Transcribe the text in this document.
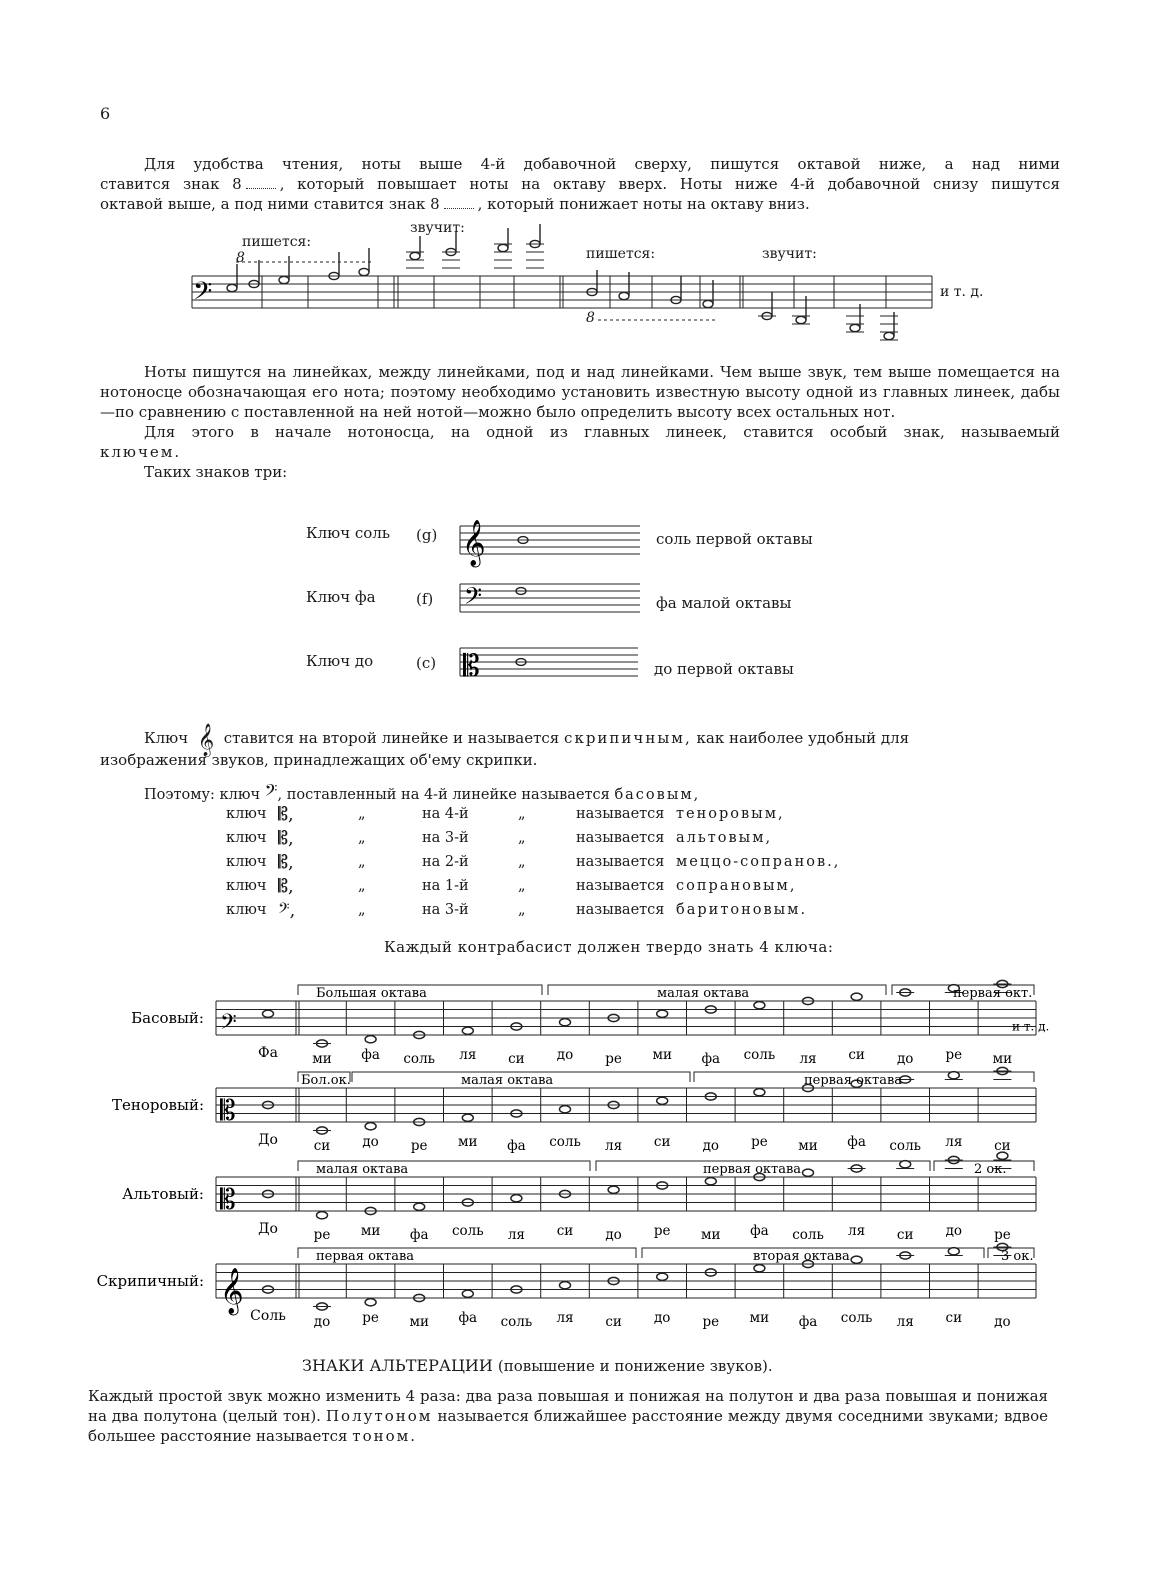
6
Для удобства чтения, ноты выше 4-й добавочной сверху, пишутся октавой ниже, а над ними
ставится знак 8	, который повышает ноты на октаву вверх. Ноты ниже 4-й добавочной снизу пишутся
октавой выше, а под ними ставится знак 8	, который понижает ноты на октаву вниз.
𝄢
пишется:
8
звучит:
пишется:	звучит:
8
и т. д.
Ноты пишутся на линейках, между линейками, под и над линейками. Чем выше звук, тем выше помещается на нотоносце обозначающая его нота; поэтому необходимо установить известную высоту одной из главных линеек, дабы—по сравнению с поставленной на ней нотой—можно было определить высоту всех остальных нот.
Для этого в начале нотоносца, на одной из главных линеек, ставится особый знак, называемый
ключем.
Таких знаков три:
Ключ соль (g)	соль первой октавы
Ключ фа	(f)	фа малой октавы
Ключ до	(c)	до первой октавы
𝄞
𝄢
𝄡
Ключ 𝄞 ставится на второй линейке и называется скрипичным, как наиболее удобный для
изображения звуков, принадлежащих об'ему скрипки.
Поэтому: ключ 𝄢, поставленный на 4-й линейке называется басовым,
ключ	𝄡,	„	на 4-й	„	называется	теноровым,
ключ	𝄡,	„	на 3-й	„	называется	альтовым,
ключ	𝄡,	„	на 2-й	„	называется	меццо-сопранов.,
ключ	𝄡,	„	на 1-й	„	называется	сопрановым,
ключ	𝄢,	„	на 3-й	„	называется	баритоновым.
Каждый контрабасист должен твердо знать 4 ключа:
𝄢
Басовый:
Фа	ми фа соль ля си до ре ми фа соль ля си до ре ми
Большая октава	малая октава	первая окт.
и т. д.
𝄡
Теноровый:
До	си до ре ми фа соль ля си до ре ми фа соль ля си
Бол.ок.	малая октава	первая октава
𝄡
Альтовый:
До	ре ми фа соль ля си до ре ми фа соль ля си до ре
малая октава	первая октава	2 ок.
𝄞
Скрипичный:
Соль до ре ми фа соль ля си до ре ми фа соль ля си до
первая октава	вторая октава	3 ок.
ЗНАКИ АЛЬТЕРАЦИИ (повышение и понижение звуков).
Каждый простой звук можно изменить 4 раза: два раза повышая и понижая на полутон и два раза повышая и понижая на два полутона (целый тон). Полутоном называется ближайшее расстояние между двумя соседними звуками; вдвое большее расстояние называется тоном.
